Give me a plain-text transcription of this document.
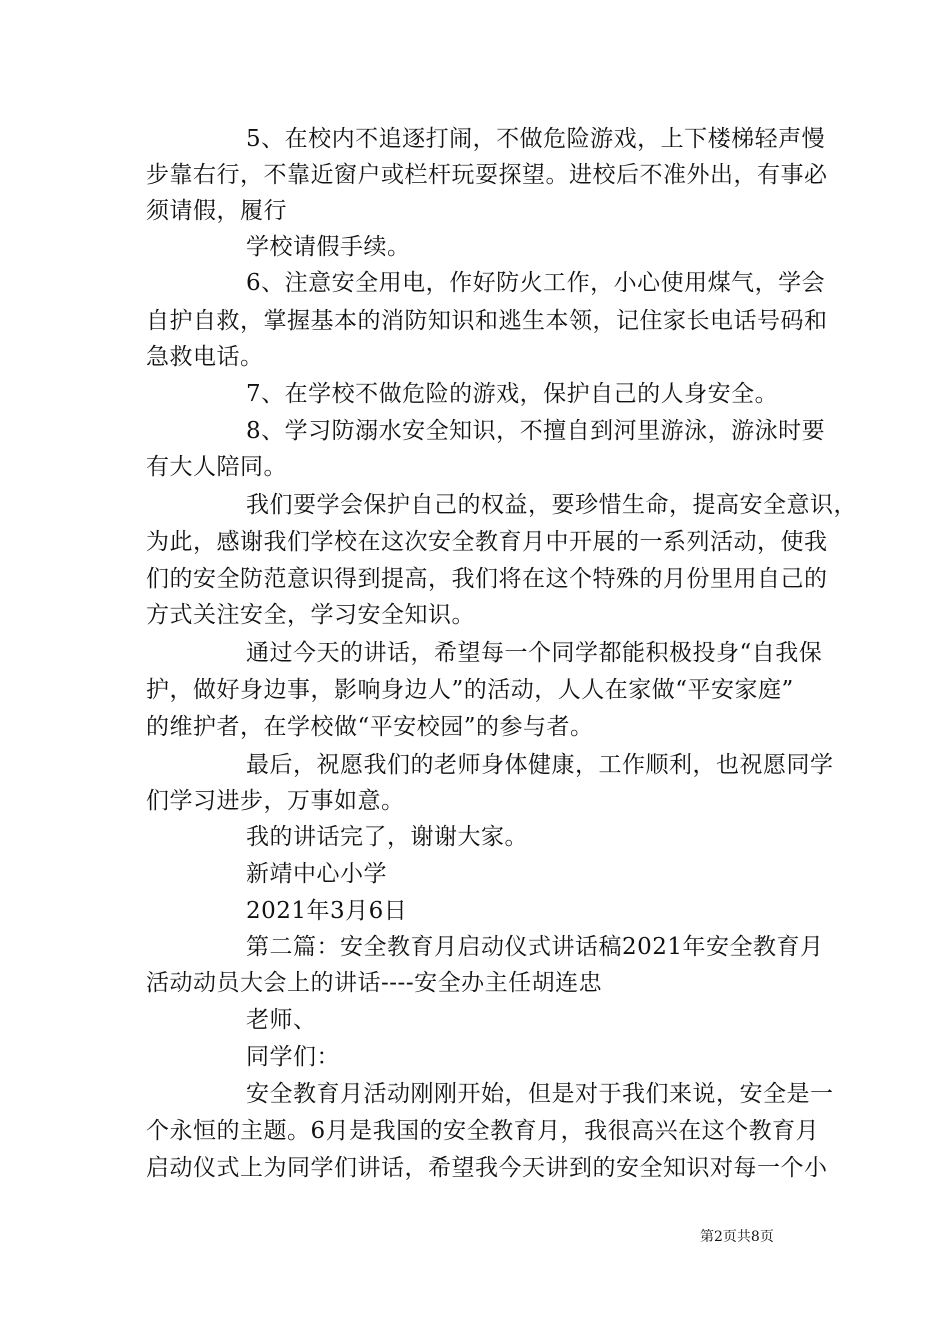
5、在校内不追逐打闹，不做危险游戏，上下楼梯轻声慢
步靠右行，不靠近窗户或栏杆玩耍探望。进校后不准外出，有事必
须请假，履行
学校请假手续。
6、注意安全用电，作好防火工作，小心使用煤气，学会
自护自救，掌握基本的消防知识和逃生本领，记住家长电话号码和
急救电话。
7、在学校不做危险的游戏，保护自己的人身安全。
8、学习防溺水安全知识，不擅自到河里游泳，游泳时要
有大人陪同。
我们要学会保护自己的权益，要珍惜生命，提高安全意识，
为此，感谢我们学校在这次安全教育月中开展的一系列活动，使我
们的安全防范意识得到提高，我们将在这个特殊的月份里用自己的
方式关注安全，学习安全知识。
通过今天的讲话，希望每一个同学都能积极投身“自我保
护，做好身边事，影响身边人”的活动，人人在家做“平安家庭”
的维护者，在学校做“平安校园”的参与者。
最后，祝愿我们的老师身体健康，工作顺利，也祝愿同学
们学习进步，万事如意。
我的讲话完了，谢谢大家。
新靖中心小学
2021年3月6日
第二篇：安全教育月启动仪式讲话稿2021年安全教育月
活动动员大会上的讲话----安全办主任胡连忠
老师、
同学们：
安全教育月活动刚刚开始，但是对于我们来说，安全是一
个永恒的主题。6月是我国的安全教育月，我很高兴在这个教育月
启动仪式上为同学们讲话，希望我今天讲到的安全知识对每一个小
第2页共8页
